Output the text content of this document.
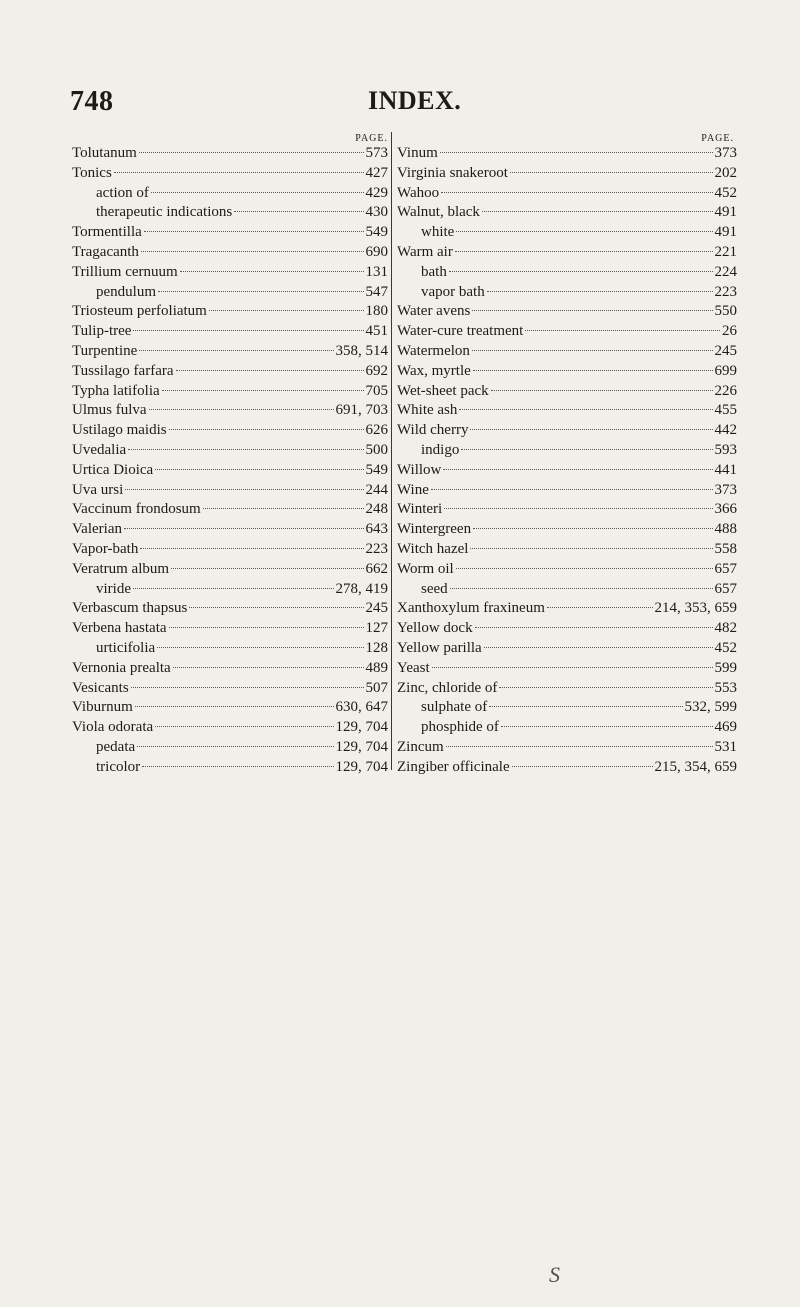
748	INDEX.
PAGE.
Tolutanum	573
Tonics	427
action of	429
therapeutic indications	430
Tormentilla	549
Tragacanth	690
Trillium cernuum	131
pendulum	547
Triosteum perfoliatum	180
Tulip-tree	451
Turpentine	358, 514
Tussilago farfara	692
Typha latifolia	705
Ulmus fulva	691, 703
Ustilago maidis	626
Uvedalia	500
Urtica Dioica	549
Uva ursi	244
Vaccinum frondosum	248
Valerian	643
Vapor-bath	223
Veratrum album	662
viride	278, 419
Verbascum thapsus	245
Verbena hastata	127
urticifolia	128
Vernonia prealta	489
Vesicants	507
Viburnum	630, 647
Viola odorata	129, 704
pedata	129, 704
tricolor	129, 704
PAGE.
Vinum	373
Virginia snakeroot	202
Wahoo	452
Walnut, black	491
white	491
Warm air	221
bath	224
vapor bath	223
Water avens	550
Water-cure treatment	26
Watermelon	245
Wax, myrtle	699
Wet-sheet pack	226
White ash	455
Wild cherry	442
indigo	593
Willow	441
Wine	373
Winteri	366
Wintergreen	488
Witch hazel	558
Worm oil	657
seed	657
Xanthoxylum fraxineum	214, 353, 659
Yellow dock	482
Yellow parilla	452
Yeast	599
Zinc, chloride of	553
sulphate of	532, 599
phosphide of	469
Zincum	531
Zingiber officinale	215, 354, 659
S
